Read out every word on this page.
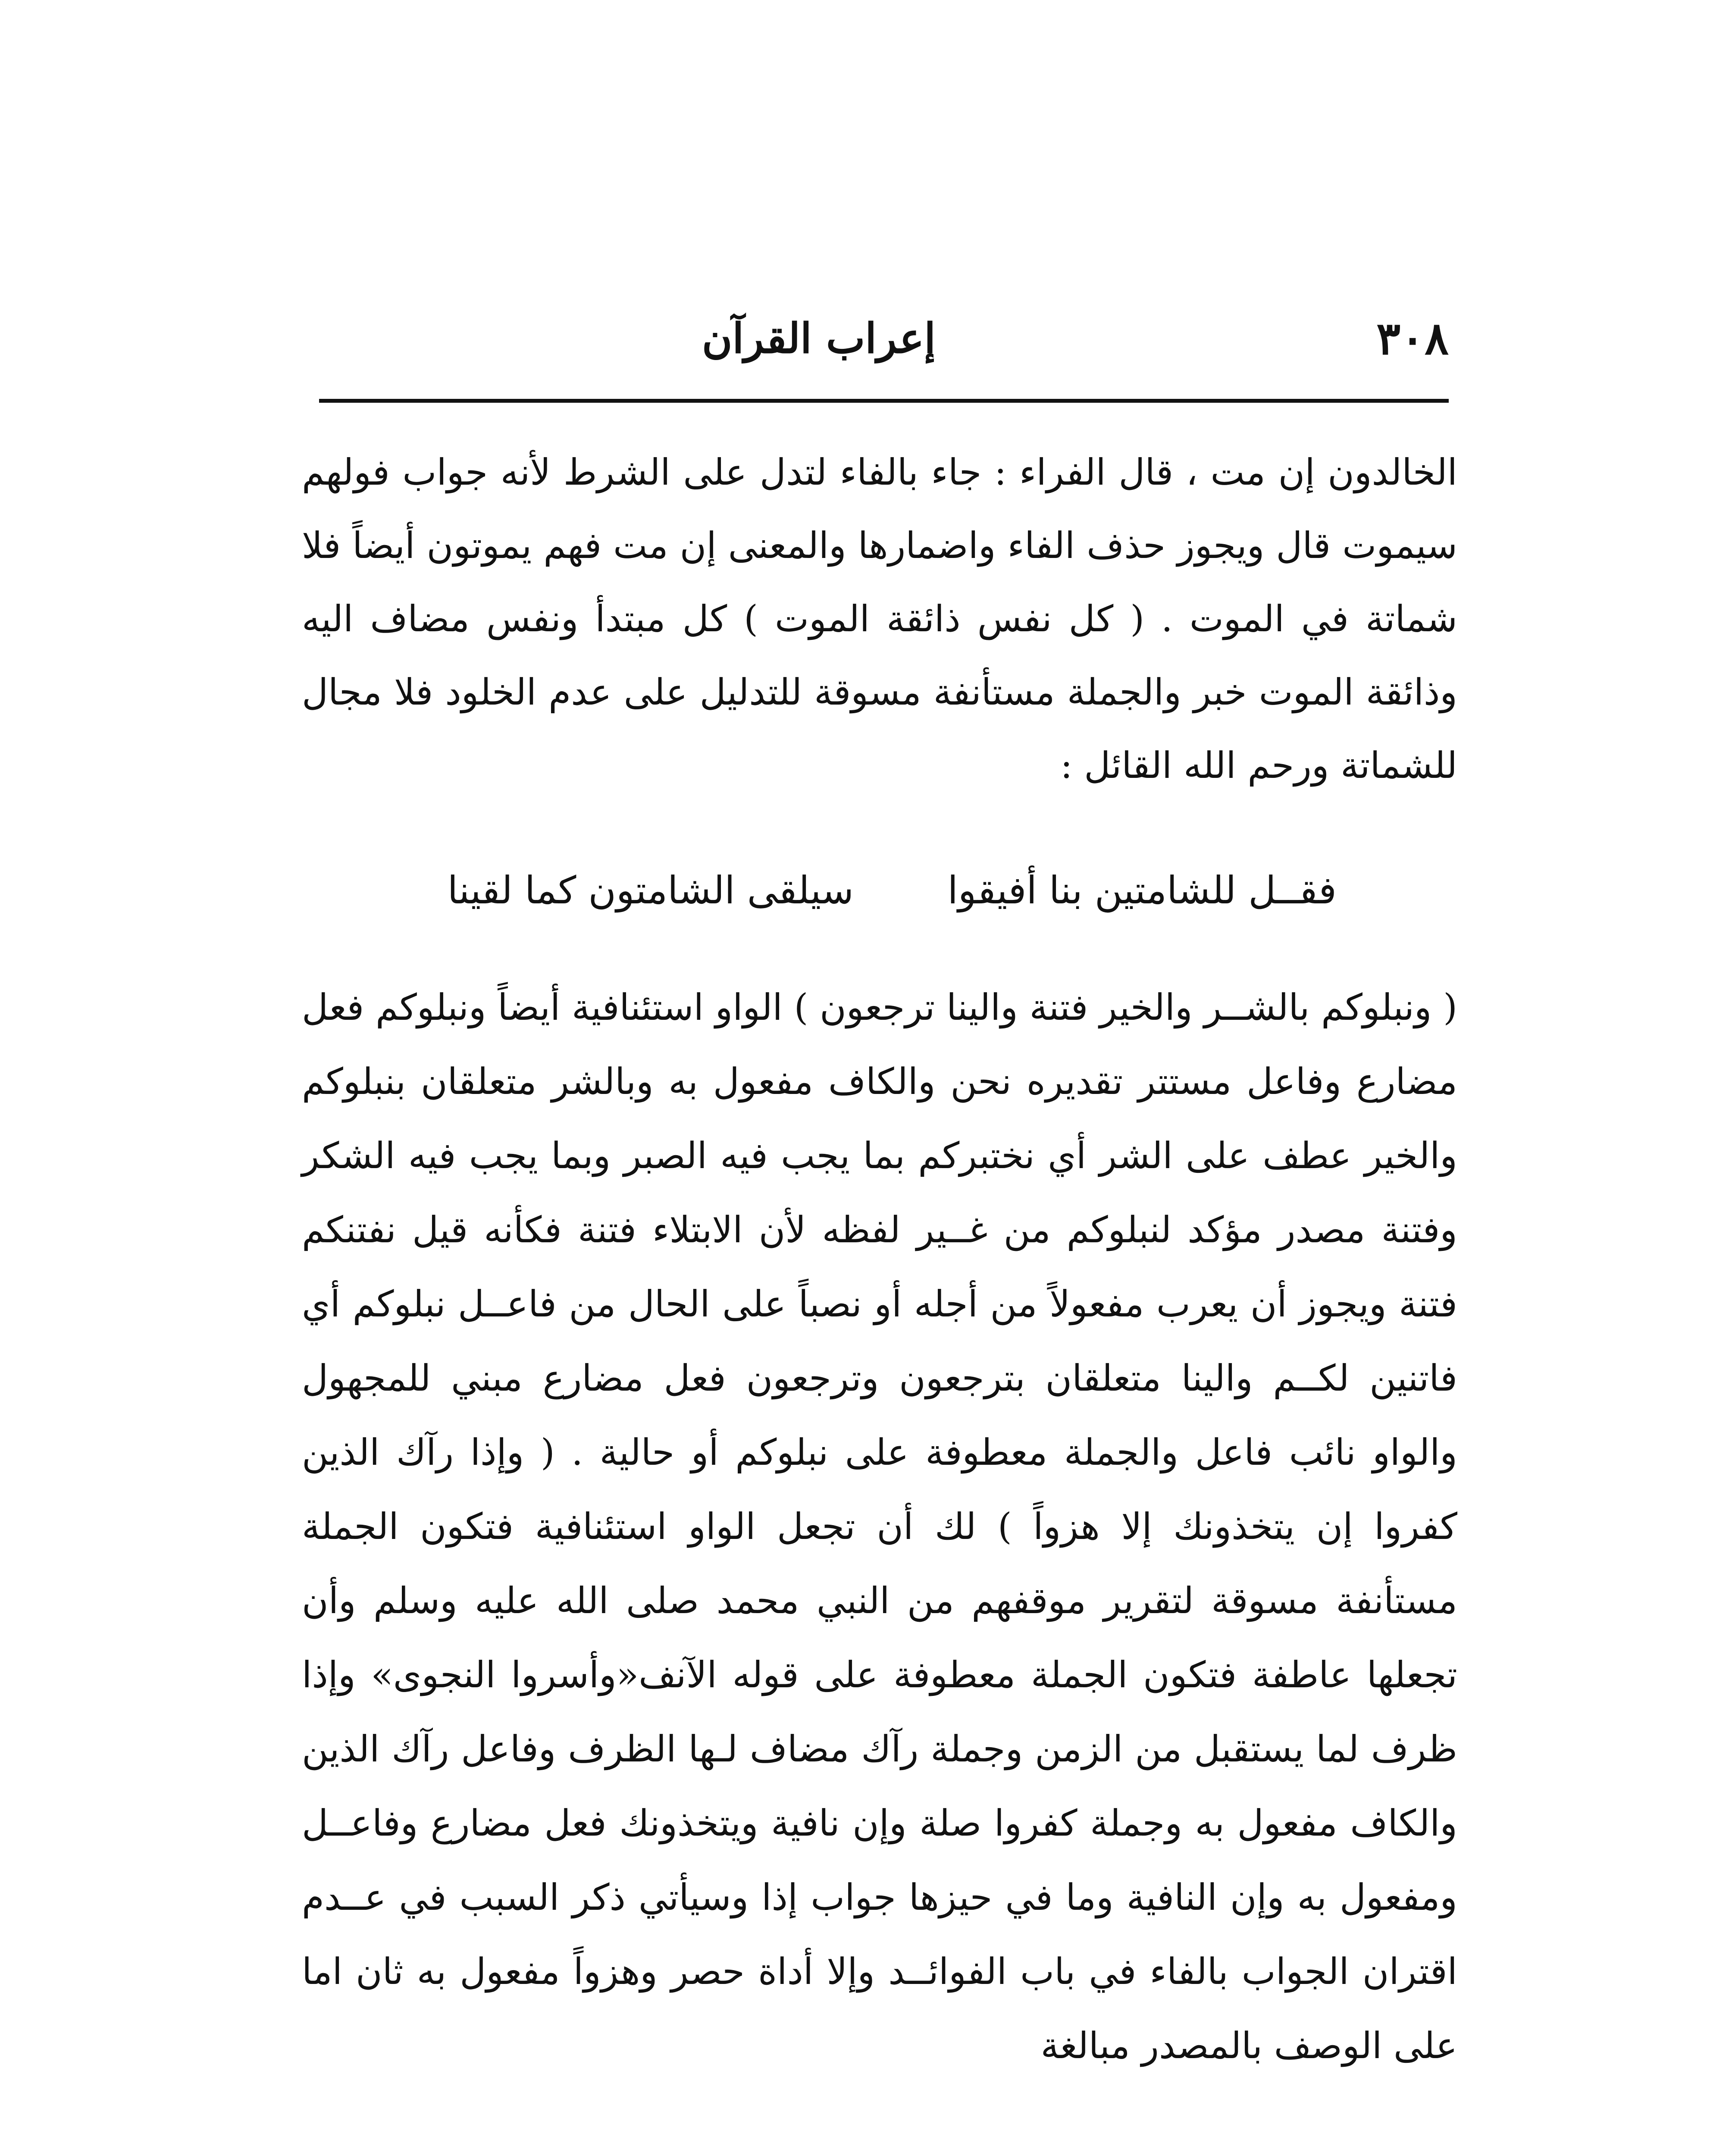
٣٠٨
إعراب القرآن

الخالدون إن مت ، قال الفراء : جاء بالفاء لتدل على الشرط لأنه جواب فولهم سيموت قال ويجوز حذف الفاء واضمارها والمعنى إن مت فهم يموتون أيضاً فلا شماتة في الموت . ( كل نفس ذائقة الموت ) كل مبتدأ ونفس مضاف اليه وذائقة الموت خبر والجملة مستأنفة مسوقة للتدليل على عدم الخلود فلا مجال للشماتة ورحم الله القائل :

فقــل للشامتين بنا أفيقوا
سيلقى الشامتون كما لقينا

( ونبلوكم بالشــر والخير فتنة والينا ترجعون ) الواو استئنافية أيضاً ونبلوكم فعل مضارع وفاعل مستتر تقديره نحن والكاف مفعول به وبالشر متعلقان بنبلوكم والخير عطف على الشر أي نختبركم بما يجب فيه الصبر وبما يجب فيه الشكر وفتنة مصدر مؤكد لنبلوكم من غــير لفظه لأن الابتلاء فتنة فكأنه قيل نفتنكم فتنة ويجوز أن يعرب مفعولاً من أجله أو نصباً على الحال من فاعــل نبلوكم أي فاتنين لكــم والينا متعلقان بترجعون وترجعون فعل مضارع مبني للمجهول والواو نائب فاعل والجملة معطوفة على نبلوكم أو حالية . ( وإذا رآك الذين كفروا إن يتخذونك إلا هزواً ) لك أن تجعل الواو استئنافية فتكون الجملة مستأنفة مسوقة لتقرير موقفهم من النبي محمد صلى الله عليه وسلم وأن تجعلها عاطفة فتكون الجملة معطوفة على قوله الآنف«وأسروا النجوى» وإذا ظرف لما يستقبل من الزمن وجملة رآك مضاف لـها الظرف وفاعل رآك الذين والكاف مفعول به وجملة كفروا صلة وإن نافية ويتخذونك فعل مضارع وفاعــل ومفعول به وإن النافية وما في حيزها جواب إذا وسيأتي ذكر السبب في عــدم اقتران الجواب بالفاء في باب الفوائــد وإلا أداة حصر وهزواً مفعول به ثان اما على الوصف بالمصدر مبالغة
